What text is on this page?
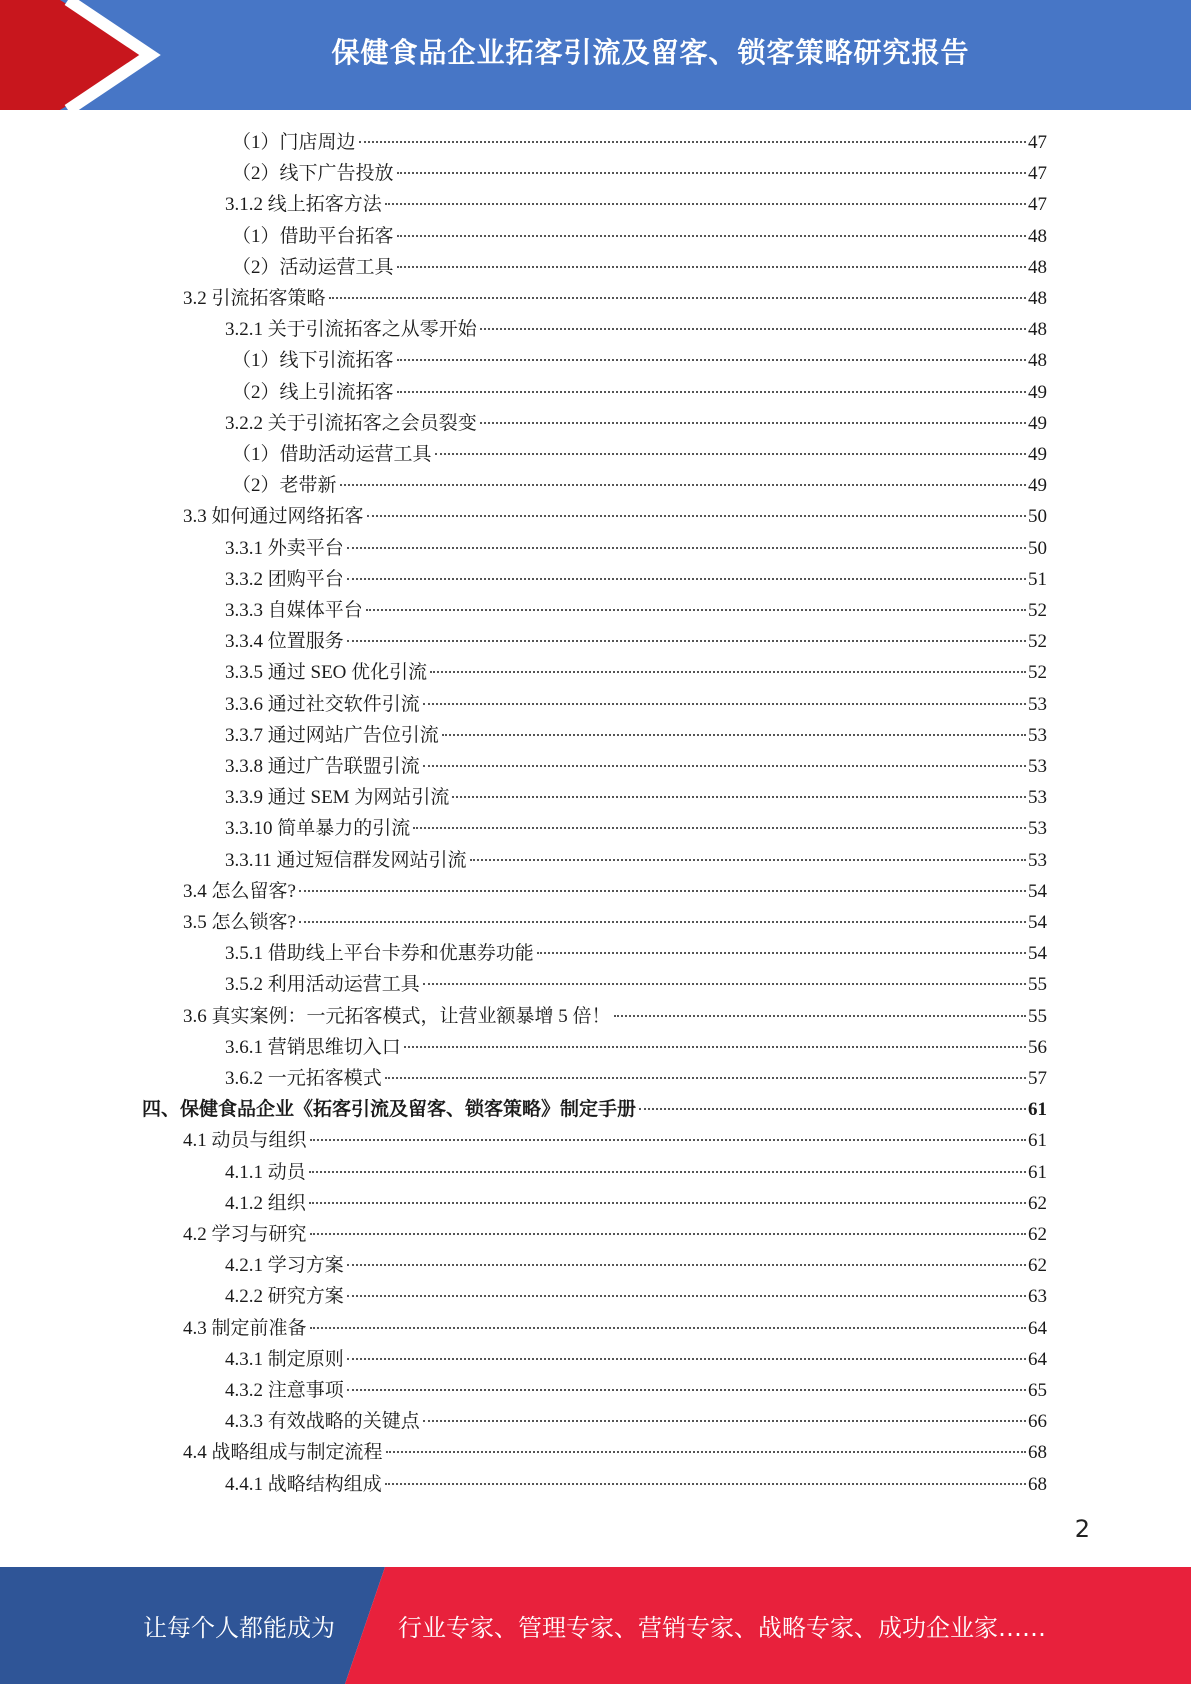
保健食品企业拓客引流及留客、锁客策略研究报告
（1）门店周边	47
（2）线下广告投放	47
3.1.2 线上拓客方法	47
（1）借助平台拓客	48
（2）活动运营工具	48
3.2 引流拓客策略	48
3.2.1 关于引流拓客之从零开始	48
（1）线下引流拓客	48
（2）线上引流拓客	49
3.2.2 关于引流拓客之会员裂变	49
（1）借助活动运营工具	49
（2）老带新	49
3.3 如何通过网络拓客	50
3.3.1 外卖平台	50
3.3.2 团购平台	51
3.3.3 自媒体平台	52
3.3.4 位置服务	52
3.3.5 通过 SEO 优化引流	52
3.3.6 通过社交软件引流	53
3.3.7 通过网站广告位引流	53
3.3.8 通过广告联盟引流	53
3.3.9 通过 SEM 为网站引流	53
3.3.10 简单暴力的引流	53
3.3.11 通过短信群发网站引流	53
3.4 怎么留客?	54
3.5 怎么锁客?	54
3.5.1 借助线上平台卡券和优惠券功能	54
3.5.2 利用活动运营工具	55
3.6 真实案例：一元拓客模式，让营业额暴增 5 倍！	55
3.6.1 营销思维切入口	56
3.6.2 一元拓客模式	57
四、保健食品企业《拓客引流及留客、锁客策略》制定手册	61
4.1 动员与组织	61
4.1.1 动员	61
4.1.2 组织	62
4.2 学习与研究	62
4.2.1 学习方案	62
4.2.2 研究方案	63
4.3 制定前准备	64
4.3.1 制定原则	64
4.3.2 注意事项	65
4.3.3 有效战略的关键点	66
4.4 战略组成与制定流程	68
4.4.1 战略结构组成	68
2
让每个人都能成为	行业专家、管理专家、营销专家、战略专家、成功企业家……
